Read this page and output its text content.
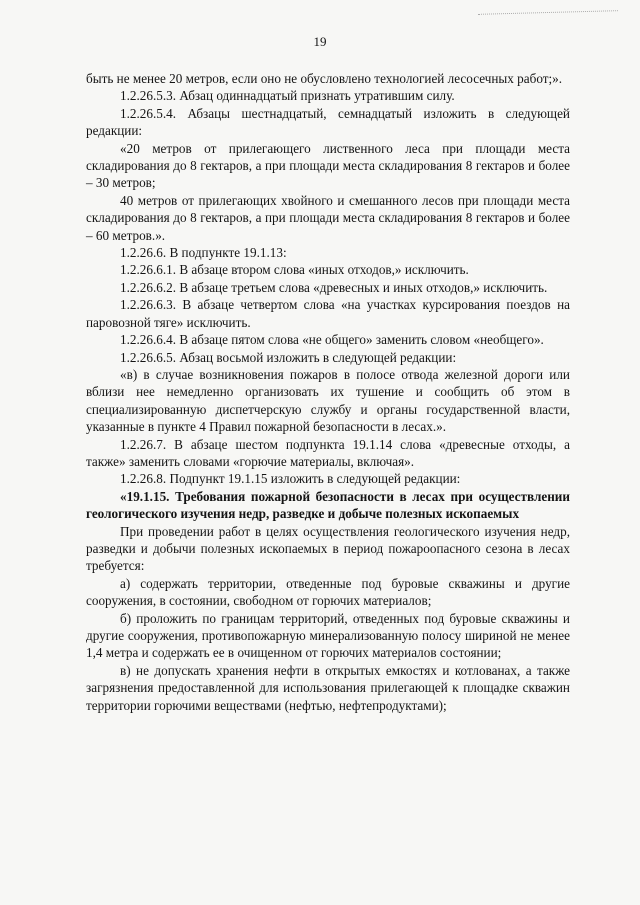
19

быть не менее 20 метров, если оно не обусловлено технологией лесосечных работ;».

1.2.26.5.3. Абзац одиннадцатый признать утратившим силу.

1.2.26.5.4. Абзацы шестнадцатый, семнадцатый изложить в следующей редакции:

«20 метров от прилегающего лиственного леса при площади места складирования до 8 гектаров, а при площади места складирования 8 гектаров и более – 30 метров;

40 метров от прилегающих хвойного и смешанного лесов при площади места складирования до 8 гектаров, а при площади места складирования 8 гектаров и более – 60 метров.».

1.2.26.6. В подпункте 19.1.13:

1.2.26.6.1. В абзаце втором слова «иных отходов,» исключить.

1.2.26.6.2. В абзаце третьем слова «древесных и иных отходов,» исключить.

1.2.26.6.3. В абзаце четвертом слова «на участках курсирования поездов на паровозной тяге» исключить.

1.2.26.6.4. В абзаце пятом слова «не общего» заменить словом «необщего».

1.2.26.6.5. Абзац восьмой изложить в следующей редакции:

«в) в случае возникновения пожаров в полосе отвода железной дороги или вблизи нее немедленно организовать их тушение и сообщить об этом в специализированную диспетчерскую службу и органы государственной власти, указанные в пункте 4 Правил пожарной безопасности в лесах.».

1.2.26.7. В абзаце шестом подпункта 19.1.14 слова «древесные отходы, а также» заменить словами «горючие материалы, включая».

1.2.26.8. Подпункт 19.1.15 изложить в следующей редакции:

«19.1.15. Требования пожарной безопасности в лесах при осуществлении геологического изучения недр, разведке и добыче полезных ископаемых

При проведении работ в целях осуществления геологического изучения недр, разведки и добычи полезных ископаемых в период пожароопасного сезона в лесах требуется:

а) содержать территории, отведенные под буровые скважины и другие сооружения, в состоянии, свободном от горючих материалов;

б) проложить по границам территорий, отведенных под буровые скважины и другие сооружения, противопожарную минерализованную полосу шириной не менее 1,4 метра и содержать ее в очищенном от горючих материалов состоянии;

в) не допускать хранения нефти в открытых емкостях и котлованах, а также загрязнения предоставленной для использования прилегающей к площадке скважин территории горючими веществами (нефтью, нефтепродуктами);
